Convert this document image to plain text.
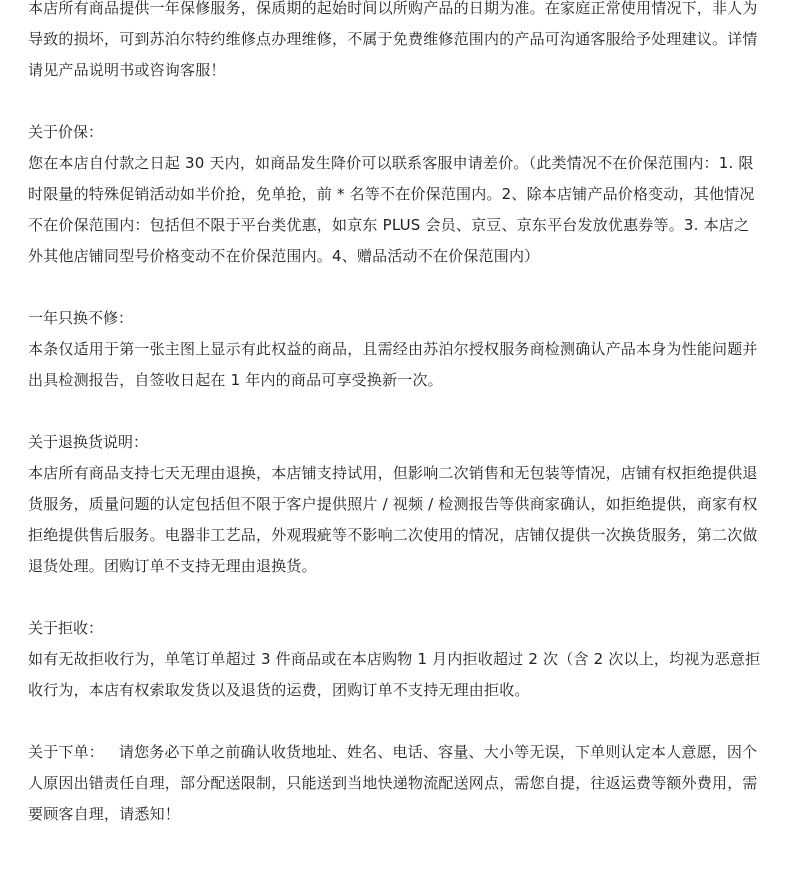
本店所有商品提供一年保修服务，保质期的起始时间以所购产品的日期为准。在家庭正常使用情况下，非人为导致的损坏，可到苏泊尔特约维修点办理维修，不属于免费维修范围内的产品可沟通客服给予处理建议。详情请见产品说明书或咨询客服！

关于价保：

您在本店自付款之日起 30 天内，如商品发生降价可以联系客服申请差价。（此类情况不在价保范围内：1. 限时限量的特殊促销活动如半价抢，免单抢，前 * 名等不在价保范围内。2、除本店铺产品价格变动，其他情况不在价保范围内：包括但不限于平台类优惠，如京东 PLUS 会员、京豆、京东平台发放优惠券等。3. 本店之外其他店铺同型号价格变动不在价保范围内。4、赠品活动不在价保范围内）

一年只换不修：

本条仅适用于第一张主图上显示有此权益的商品，且需经由苏泊尔授权服务商检测确认产品本身为性能问题并出具检测报告，自签收日起在 1 年内的商品可享受换新一次。

关于退换货说明：

本店所有商品支持七天无理由退换，本店铺支持试用，但影响二次销售和无包装等情况，店铺有权拒绝提供退货服务，质量问题的认定包括但不限于客户提供照片 / 视频 / 检测报告等供商家确认，如拒绝提供，商家有权拒绝提供售后服务。电器非工艺品，外观瑕疵等不影响二次使用的情况，店铺仅提供一次换货服务，第二次做退货处理。团购订单不支持无理由退换货。

关于拒收：

如有无故拒收行为，单笔订单超过 3 件商品或在本店购物 1 月内拒收超过 2 次（含 2 次以上，均视为恶意拒收行为，本店有权索取发货以及退货的运费，团购订单不支持无理由拒收。

关于下单： 请您务必下单之前确认收货地址、姓名、电话、容量、大小等无误，下单则认定本人意愿，因个人原因出错责任自理，部分配送限制，只能送到当地快递物流配送网点，需您自提，往返运费等额外费用，需要顾客自理，请悉知！
